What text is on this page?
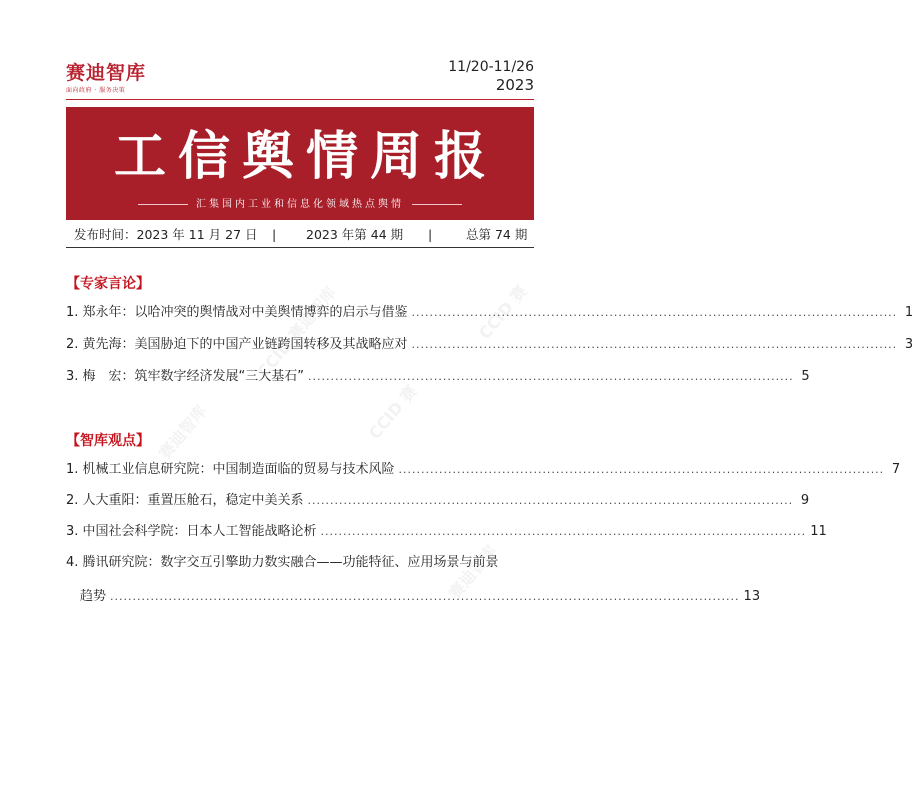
CCID 赛迪智库
赛迪智库	CCID 赛
CCID 赛
赛迪智库
赛迪智库
面向政府 · 服务决策
11/20-11/26
2023
工信舆情周报
汇集国内工业和信息化领域热点舆情
发布时间：2023 年 11 月 27 日 | 2023 年第 44 期 |	总第 74 期
【专家言论】
1. 郑永年：以哈冲突的舆情战对中美舆情博弈的启示与借鉴 ............................................................................................................ 1
2. 黄先海：美国胁迫下的中国产业链跨国转移及其战略应对 ............................................................................................................ 3
3. 梅　宏：筑牢数字经济发展“三大基石” ............................................................................................................ 5
【智库观点】
1. 机械工业信息研究院：中国制造面临的贸易与技术风险 ............................................................................................................ 7
2. 人大重阳：重置压舱石，稳定中美关系 ............................................................................................................ 9
3. 中国社会科学院：日本人工智能战略论析 ............................................................................................................ 11
4. 腾讯研究院：数字交互引擎助力数实融合——功能特征、应用场景与前景
趋势 ............................................................................................................................................ 13
